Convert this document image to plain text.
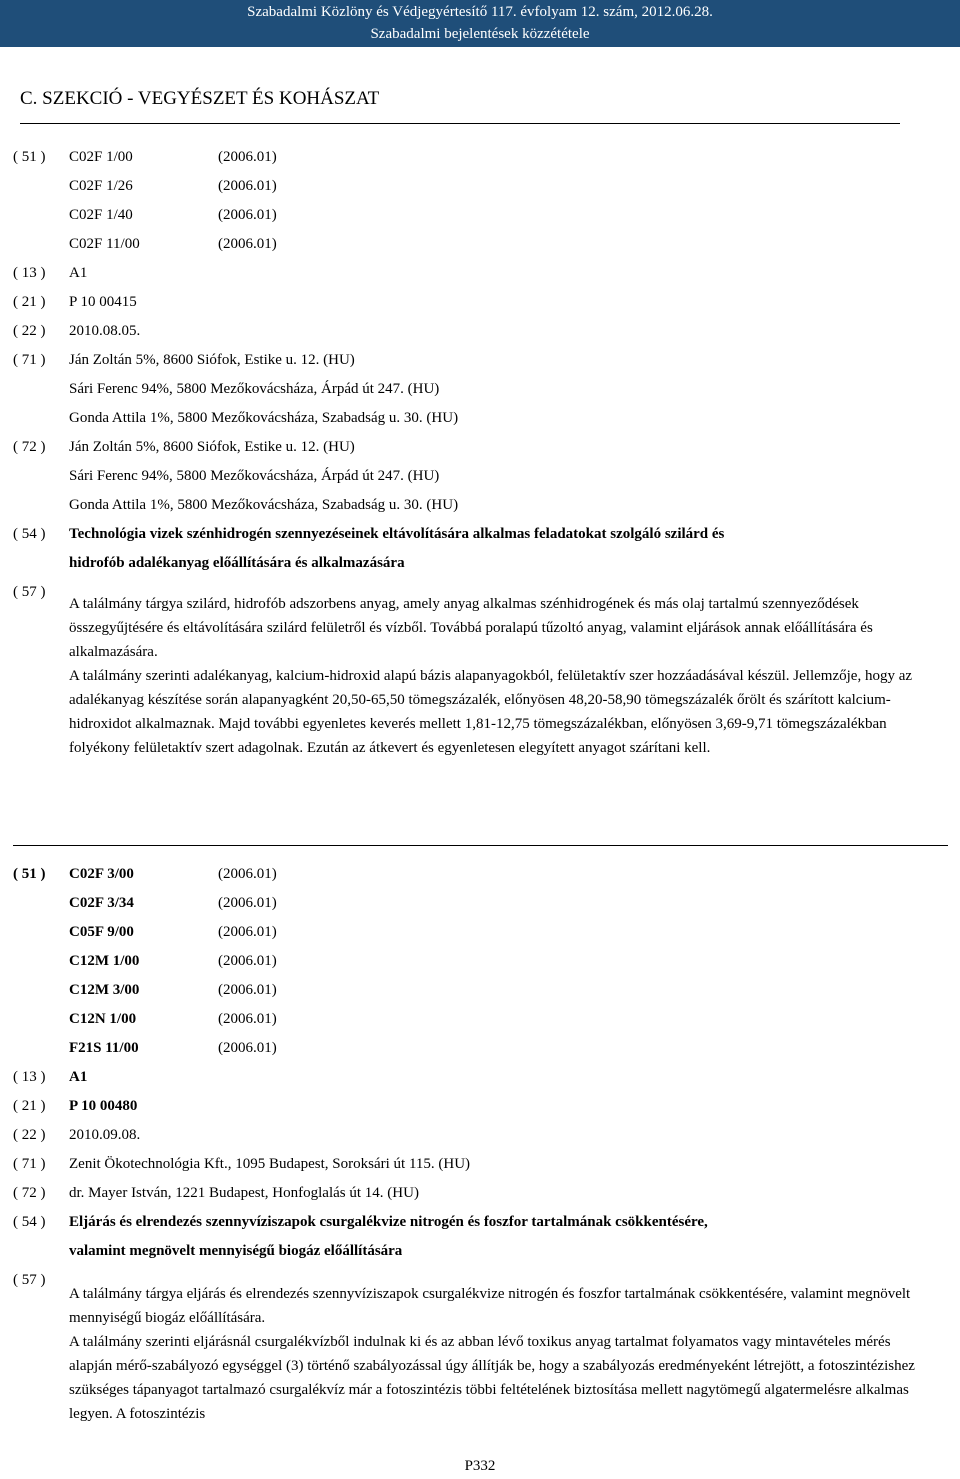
Szabadalmi Közlöny és Védjegyértesítő 117. évfolyam 12. szám, 2012.06.28.
Szabadalmi bejelentések közzététele
C. SZEKCIÓ - VEGYÉSZET ÉS KOHÁSZAT
( 51 )	C02F 1/00	(2006.01)
C02F 1/26	(2006.01)
C02F 1/40	(2006.01)
C02F 11/00	(2006.01)
( 13 )	A1
( 21 )	P 10 00415
( 22 )	2010.08.05.
( 71 )	Ján Zoltán 5%, 8600 Siófok, Estike u. 12. (HU)
Sári Ferenc 94%, 5800 Mezőkovácsháza, Árpád út 247. (HU)
Gonda Attila 1%, 5800 Mezőkovácsháza, Szabadság u. 30. (HU)
( 72 )	Ján Zoltán 5%, 8600 Siófok, Estike u. 12. (HU)
Sári Ferenc 94%, 5800 Mezőkovácsháza, Árpád út 247. (HU)
Gonda Attila 1%, 5800 Mezőkovácsháza, Szabadság u. 30. (HU)
( 54 )	Technológia vizek szénhidrogén szennyezéseinek eltávolítására alkalmas feladatokat szolgáló szilárd és
hidrofób adalékanyag előállítására és alkalmazására
( 57 )

A találmány tárgya szilárd, hidrofób adszorbens anyag, amely anyag alkalmas szénhidrogének és más olaj tartalmú szennyeződések összegyűjtésére és eltávolítására szilárd felületről és vízből. Továbbá poralapú tűzoltó anyag, valamint eljárások annak előállítására és alkalmazására.

A találmány szerinti adalékanyag, kalcium-hidroxid alapú bázis alapanyagokból, felületaktív szer hozzáadásával készül. Jellemzője, hogy az adalékanyag készítése során alapanyagként 20,50-65,50 tömegszázalék, előnyösen 48,20-58,90 tömegszázalék őrölt és szárított kalcium-hidroxidot alkalmaznak. Majd további egyenletes keverés mellett 1,81-12,75 tömegszázalékban, előnyösen 3,69-9,71 tömegszázalékban folyékony felületaktív szert adagolnak. Ezután az átkevert és egyenletesen elegyített anyagot szárítani kell.

( 51 )	C02F 3/00	(2006.01)
C02F 3/34	(2006.01)
C05F 9/00	(2006.01)
C12M 1/00	(2006.01)
C12M 3/00	(2006.01)
C12N 1/00	(2006.01)
F21S 11/00	(2006.01)
( 13 )	A1
( 21 )	P 10 00480
( 22 )	2010.09.08.
( 71 )	Zenit Ökotechnológia Kft., 1095 Budapest, Soroksári út 115. (HU)
( 72 )	dr. Mayer István, 1221 Budapest, Honfoglalás út 14. (HU)
( 54 )	Eljárás és elrendezés szennyvíziszapok csurgalékvize nitrogén és foszfor tartalmának csökkentésére,
valamint megnövelt mennyiségű biogáz előállítására
( 57 )

A találmány tárgya eljárás és elrendezés szennyvíziszapok csurgalékvize nitrogén és foszfor tartalmának csökkentésére, valamint megnövelt mennyiségű biogáz előállítására.

A találmány szerinti eljárásnál csurgalékvízből indulnak ki és az abban lévő toxikus anyag tartalmat folyamatos vagy mintavételes mérés alapján mérő-szabályozó egységgel (3) történő szabályozással úgy állítják be, hogy a szabályozás eredményeként létrejött, a fotoszintézishez szükséges tápanyagot tartalmazó csurgalékvíz már a fotoszintézis többi feltételének biztosítása mellett nagytömegű algatermelésre alkalmas legyen. A fotoszintézis

P332
